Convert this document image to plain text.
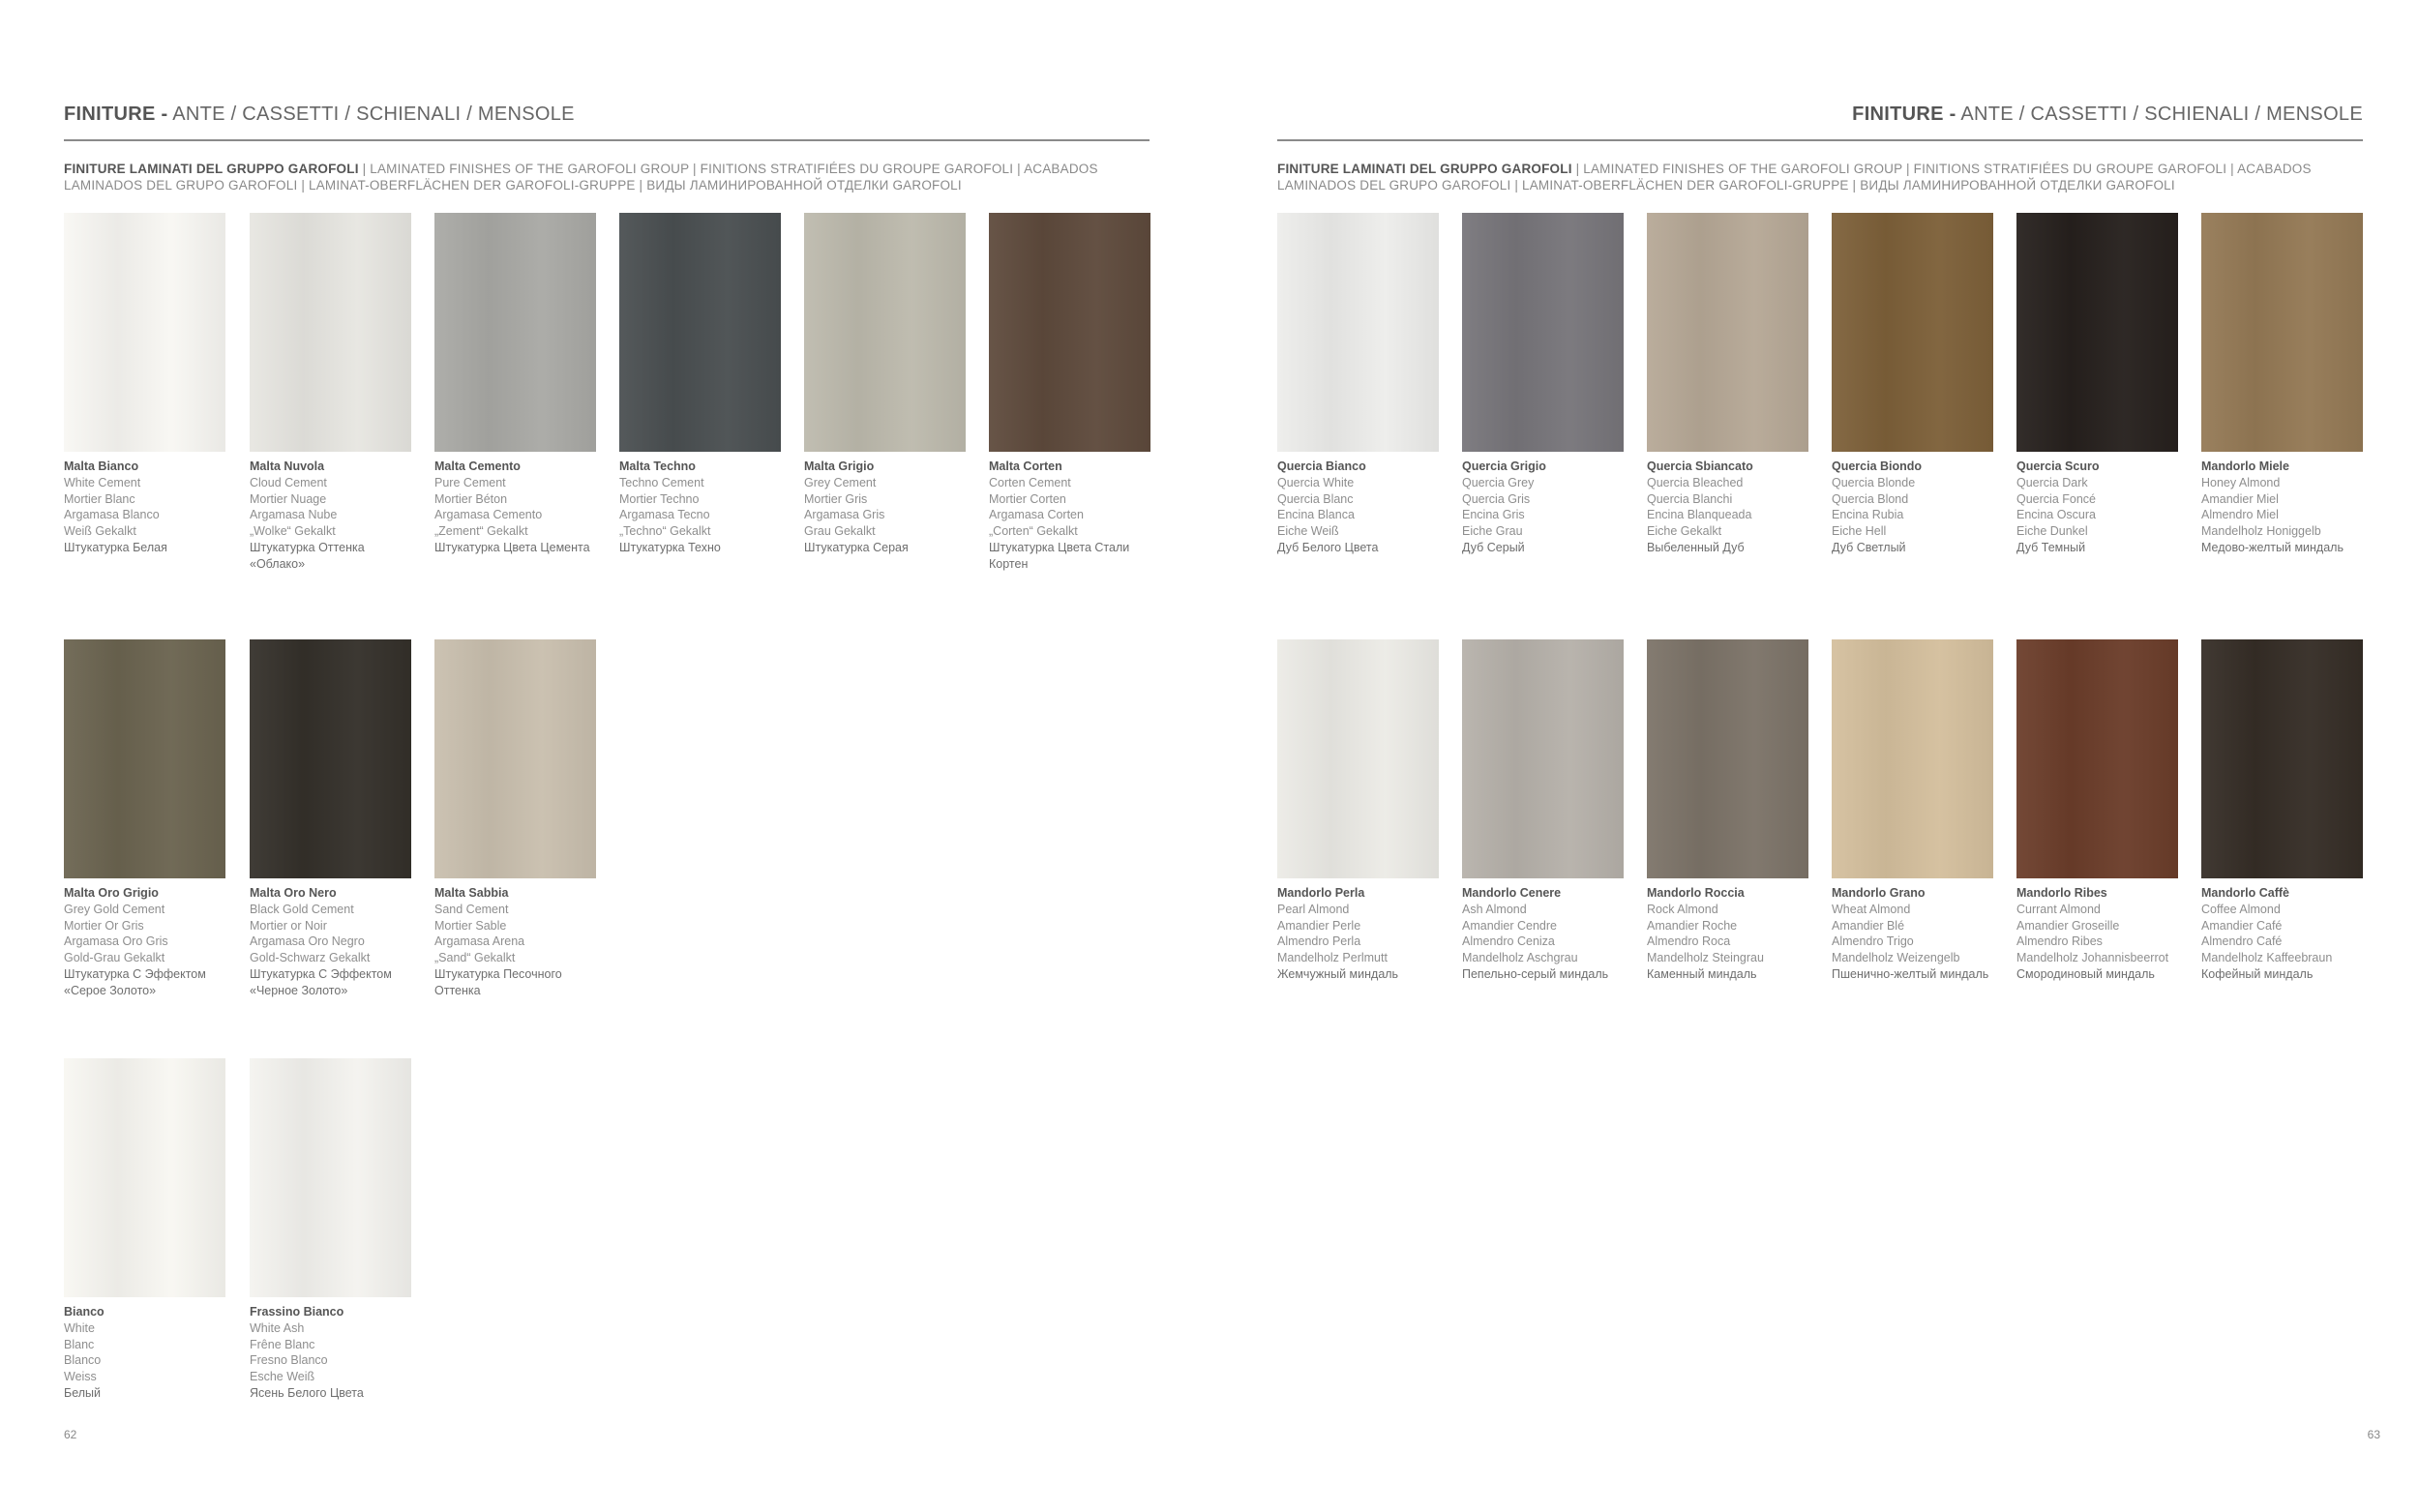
FINITURE - ANTE / CASSETTI / SCHIENALI / MENSOLE
FINITURE LAMINATI DEL GRUPPO GAROFOLI | LAMINATED FINISHES OF THE GAROFOLI GROUP | FINITIONS STRATIFIÉES DU GROUPE GAROFOLI | ACABADOS
LAMINADOS DEL GRUPO GAROFOLI | LAMINAT-OBERFLÄCHEN DER GAROFOLI-GRUPPE | ВИДЫ ЛАМИНИРОВАННОЙ ОТДЕЛКИ GAROFOLI
Malta Bianco
White Cement
Mortier Blanc
Argamasa Blanco
Weiß Gekalkt
Штукатурка Белая
Malta Nuvola
Cloud Cement
Mortier Nuage
Argamasa Nube
„Wolke“ Gekalkt
Штукатурка Оттенка «Облако»
Malta Cemento
Pure Cement
Mortier Béton
Argamasa Cemento
„Zement“ Gekalkt
Штукатурка Цвета Цемента
Malta Techno
Techno Cement
Mortier Techno
Argamasa Tecno
„Techno“ Gekalkt
Штукатурка Техно
Malta Grigio
Grey Cement
Mortier Gris
Argamasa Gris
Grau Gekalkt
Штукатурка Серая
Malta Corten
Corten Cement
Mortier Corten
Argamasa Corten
„Corten“ Gekalkt
Штукатурка Цвета Стали Кортен
Malta Oro Grigio
Grey Gold Cement
Mortier Or Gris
Argamasa Oro Gris
Gold-Grau Gekalkt
Штукатурка С Эффектом «Серое Золото»
Malta Oro Nero
Black Gold Cement
Mortier or Noir
Argamasa Oro Negro
Gold-Schwarz Gekalkt
Штукатурка С Эффектом «Черное Золото»
Malta Sabbia
Sand Cement
Mortier Sable
Argamasa Arena
„Sand“ Gekalkt
Штукатурка Песочного Оттенка
Bianco
White
Blanc
Blanco
Weiss
Белый
Frassino Bianco
White Ash
Frêne Blanc
Fresno Blanco
Esche Weiß
Ясень Белого Цвета
62
FINITURE - ANTE / CASSETTI / SCHIENALI / MENSOLE
FINITURE LAMINATI DEL GRUPPO GAROFOLI | LAMINATED FINISHES OF THE GAROFOLI GROUP | FINITIONS STRATIFIÉES DU GROUPE GAROFOLI | ACABADOS
LAMINADOS DEL GRUPO GAROFOLI | LAMINAT-OBERFLÄCHEN DER GAROFOLI-GRUPPE | ВИДЫ ЛАМИНИРОВАННОЙ ОТДЕЛКИ GAROFOLI
Quercia Bianco
Quercia White
Quercia Blanc
Encina Blanca
Eiche Weiß
Дуб Белого Цвета
Quercia Grigio
Quercia Grey
Quercia Gris
Encina Gris
Eiche Grau
Дуб Серый
Quercia Sbiancato
Quercia Bleached
Quercia Blanchi
Encina Blanqueada
Eiche Gekalkt
Выбеленный Дуб
Quercia Biondo
Quercia Blonde
Quercia Blond
Encina Rubia
Eiche Hell
Дуб Светлый
Quercia Scuro
Quercia Dark
Quercia Foncé
Encina Oscura
Eiche Dunkel
Дуб Темный
Mandorlo Miele
Honey Almond
Amandier Miel
Almendro Miel
Mandelholz Honiggelb
Медово-желтый миндаль
Mandorlo Perla
Pearl Almond
Amandier Perle
Almendro Perla
Mandelholz Perlmutt
Жемчужный миндаль
Mandorlo Cenere
Ash Almond
Amandier Cendre
Almendro Ceniza
Mandelholz Aschgrau
Пепельно-серый миндаль
Mandorlo Roccia
Rock Almond
Amandier Roche
Almendro Roca
Mandelholz Steingrau
Каменный миндаль
Mandorlo Grano
Wheat Almond
Amandier Blé
Almendro Trigo
Mandelholz Weizengelb
Пшенично-желтый миндаль
Mandorlo Ribes
Currant Almond
Amandier Groseille
Almendro Ribes
Mandelholz Johannisbeerrot
Смородиновый миндаль
Mandorlo Caffè
Coffee Almond
Amandier Café
Almendro Café
Mandelholz Kaffeebraun
Кофейный миндаль
63
